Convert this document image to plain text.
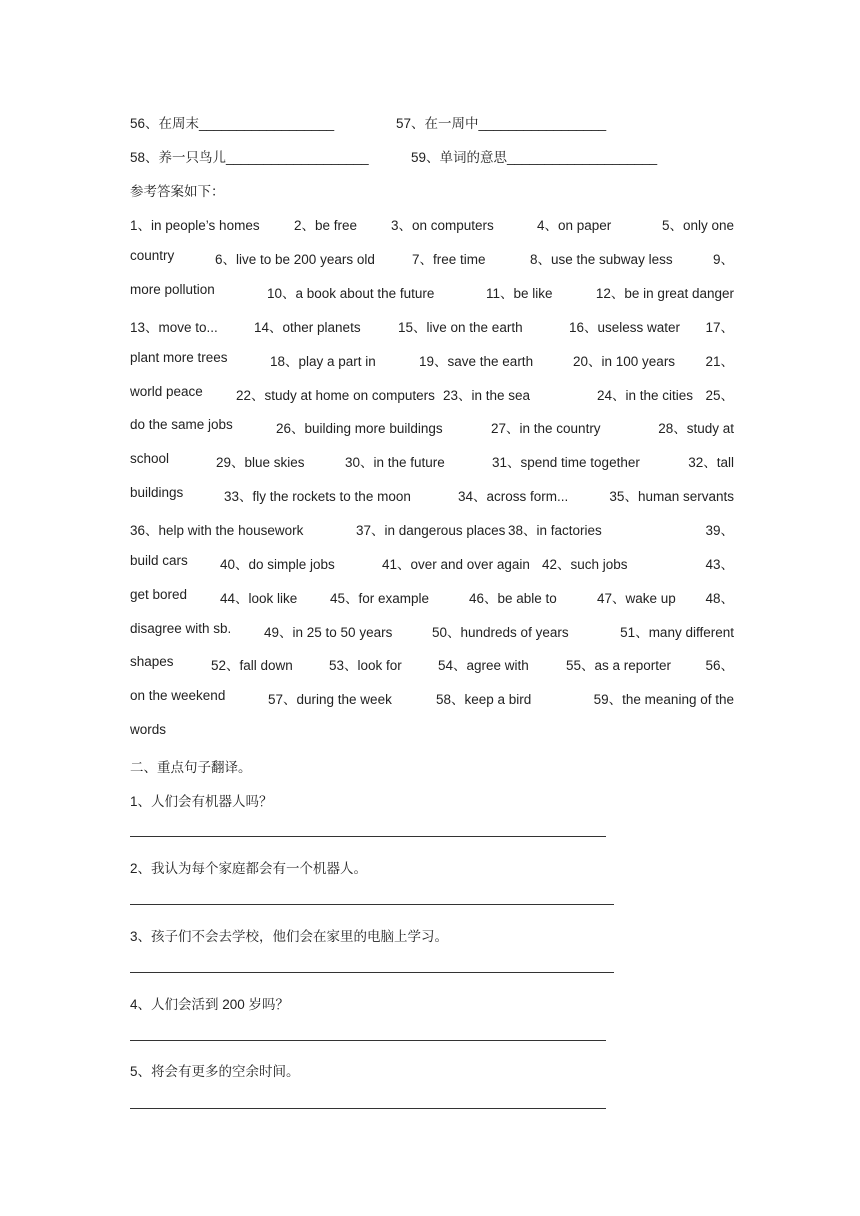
56、在周末__________________	57、在一周中_________________
58、养一只鸟儿___________________	59、单词的意思____________________
参考答案如下：
1、in people’s homes	2、be free	3、on computers	4、on paper	5、only one
country	6、live to be 200 years old	7、free time	8、use the subway less	9、
more pollution	10、a book about the future	11、be like	12、be in great danger
13、move to...	14、other planets	15、live on the earth	16、useless water 17、
plant more trees	18、play a part in	19、save the earth	20、in 100 years 21、
world peace 22、study at home on computers 23、in the sea	24、in the cities 25、
do the same jobs	26、building more buildings	27、in the country	28、study at
school	29、blue skies	30、in the future	31、spend time together	32、tall
buildings	33、fly the rockets to the moon	34、across form...	35、human servants
36、help with the housework	37、in dangerous places 38、in factories	39、
build cars 40、do simple jobs	41、over and over again 42、such jobs	43、
get bored 44、look like 45、for example	46、be able to	47、wake up 48、
disagree with sb. 49、in 25 to 50 years	50、hundreds of years	51、many different
shapes	52、fall down	53、look for	54、agree with	55、as a reporter	56、
on the weekend	57、during the week	58、keep a bird	59、the meaning of the
words
二、重点句子翻译。
1、人们会有机器人吗？
2、我认为每个家庭都会有一个机器人。
3、孩子们不会去学校，他们会在家里的电脑上学习。
4、人们会活到 200 岁吗？
5、将会有更多的空余时间。
